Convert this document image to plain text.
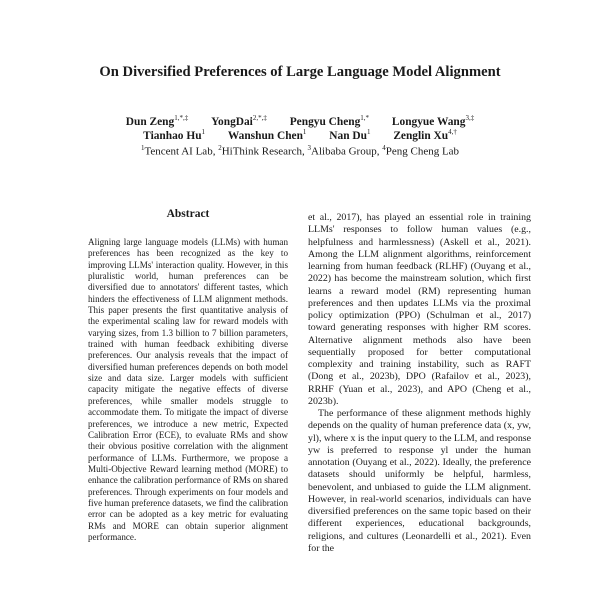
On Diversified Preferences of Large Language Model Alignment
Dun Zeng$^{1,*,\ddagger}$ YongDai$^{2,*,\ddagger}$ Pengyu Cheng$^{1,*}$ Longyue Wang$^{3,\ddagger}$
Tianhao Hu$^1$ Wanshun Chen$^1$ Nan Du$^1$ Zenglin $Xu^{4,\dagger}$
$^1$Tencent AI Lab, $^2$HiThink Research, $^3$Alibaba Group, $^4$Peng Cheng Lab
Abstract
Aligning large language models (LLMs) with human preferences has been recognized as the key to improving LLMs' interaction quality. However, in this pluralistic world, human preferences can be diversified due to annotators' different tastes, which hinders the effectiveness of LLM alignment methods. This paper presents the first quantitative analysis of the experimental scaling law for reward models with varying sizes, from 1.3 billion to 7 billion parameters, trained with human feedback exhibiting diverse preferences. Our analysis reveals that the impact of diversified human preferences depends on both model size and data size. Larger models with sufficient capacity mitigate the negative effects of diverse preferences, while smaller models struggle to accommodate them. To mitigate the impact of diverse preferences, we introduce a new metric, Expected Calibration Error (ECE), to evaluate RMs and show their obvious positive correlation with the alignment performance of LLMs. Furthermore, we propose a Multi-Objective Reward learning method (MORE) to enhance the calibration performance of RMs on shared preferences. Through experiments on four models and five human preference datasets, we find the calibration error can be adopted as a key metric for evaluating RMs and MORE can obtain superior alignment performance.

et al., 2017), has played an essential role in training LLMs' responses to follow human values (e.g., helpfulness and harmlessness) (Askell et al., 2021). Among the LLM alignment algorithms, reinforcement learning from human feedback (RLHF) (Ouyang et al., 2022) has become the mainstream solution, which first learns a reward model (RM) representing human preferences and then updates LLMs via the proximal policy optimization (PPO) (Schulman et al., 2017) toward generating responses with higher RM scores. Alternative alignment methods also have been sequentially proposed for better computational complexity and training instability, such as RAFT (Dong et al., 2023b), DPO (Rafailov et al., 2023), RRHF (Yuan et al., 2023), and APO (Cheng et al., 2023b).

The performance of these alignment methods highly depends on the quality of human preference data (x, yw, yl), where x is the input query to the LLM, and response yw is preferred to response yl under the human annotation (Ouyang et al., 2022). Ideally, the preference datasets should uniformly be helpful, harmless, benevolent, and unbiased to guide the LLM alignment. However, in real-world scenarios, individuals can have diversified preferences on the same topic based on their different experiences, educational backgrounds, religions, and cultures (Leonardelli et al., 2021). Even for the
